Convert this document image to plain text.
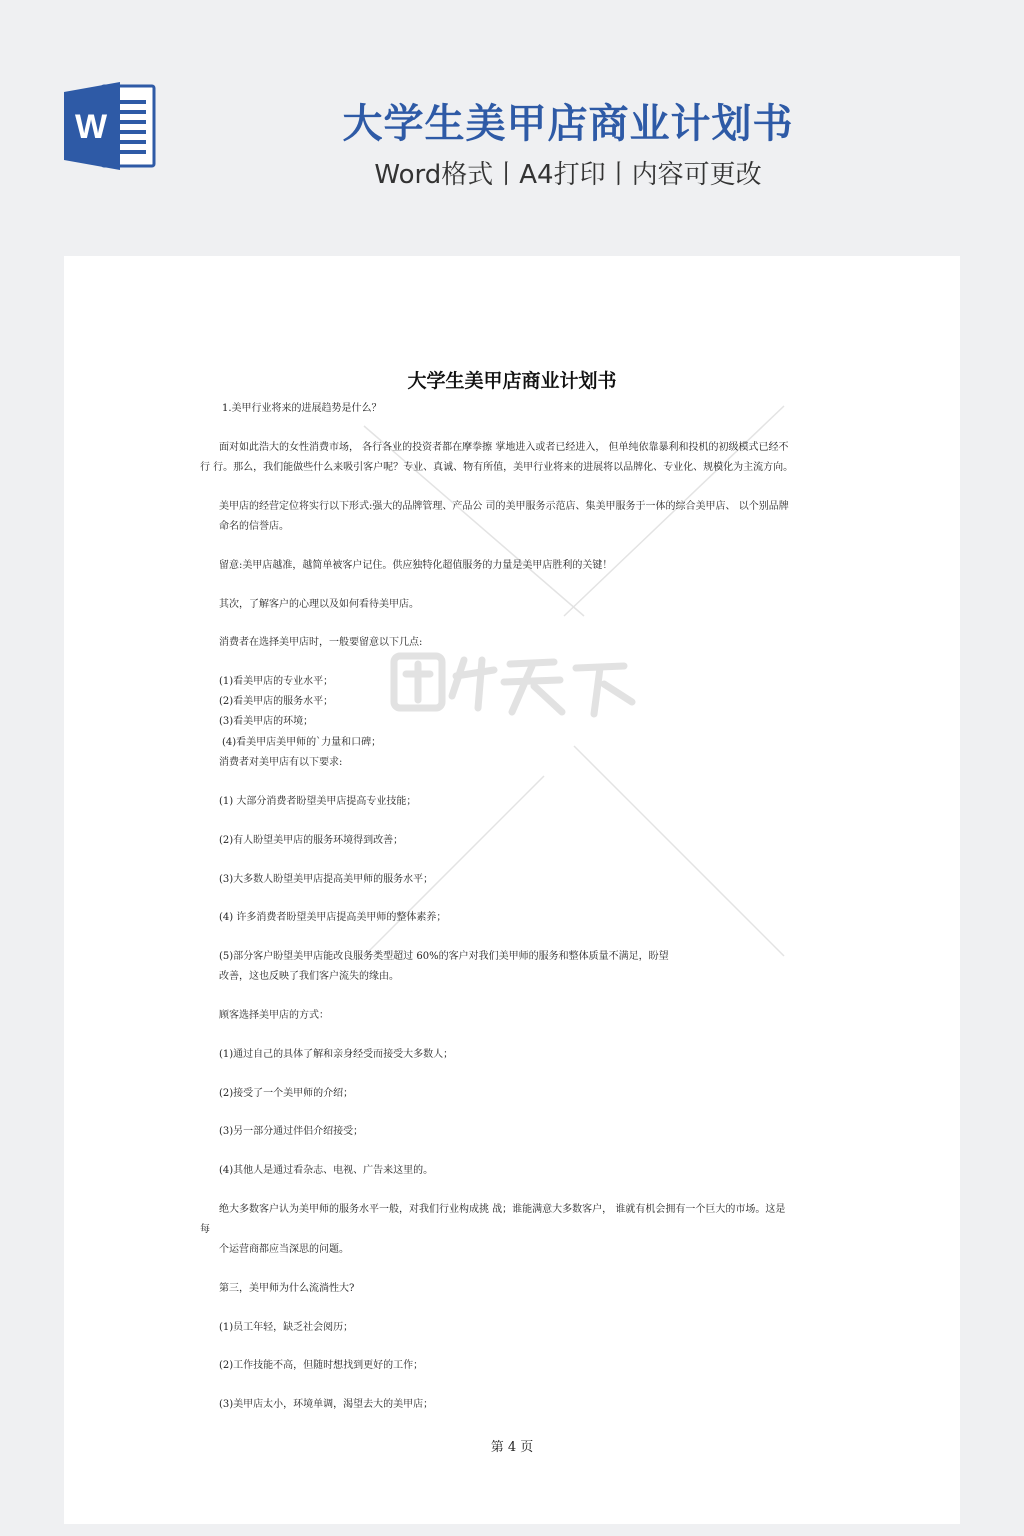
W	大学生美甲店商业计划书
Word格式丨A4打印丨内容可更改
大学生美甲店商业计划书
1.美甲行业将来的进展趋势是什么？
面对如此浩大的女性消费市场， 各行各业的投资者都在摩拳擦 掌地进入或者已经进入， 但单纯依靠暴利和投机的初级模式已经不
行 行。那么，我们能做些什么来吸引客户呢？专业、真诚、物有所值，美甲行业将来的进展将以品牌化、专业化、规模化为主流方向。
美甲店的经营定位将实行以下形式:强大的品牌管理、产品公 司的美甲服务示范店、集美甲服务于一体的综合美甲店、 以个别品牌
命名的信誉店。
留意:美甲店越准，越简单被客户记住。供应独特化超值服务的力量是美甲店胜利的关键！
其次，了解客户的心理以及如何看待美甲店。
消费者在选择美甲店时，一般要留意以下几点:
(1)看美甲店的专业水平；
(2)看美甲店的服务水平；
(3)看美甲店的环境；
(4)看美甲店美甲师的`力量和口碑；
消费者对美甲店有以下要求:
(1) 大部分消费者盼望美甲店提高专业技能；
(2)有人盼望美甲店的服务环境得到改善；
(3)大多数人盼望美甲店提高美甲师的服务水平；
(4) 许多消费者盼望美甲店提高美甲师的整体素养；
(5)部分客户盼望美甲店能改良服务类型超过 60%的客户对我们美甲师的服务和整体质量不满足，盼望
改善，这也反映了我们客户流失的缘由。
顾客选择美甲店的方式：
(1)通过自己的具体了解和亲身经受而接受大多数人；
(2)接受了一个美甲师的介绍；
(3)另一部分通过伴侣介绍接受；
(4)其他人是通过看杂志、电视、广告来这里的。
绝大多数客户认为美甲师的服务水平一般，对我们行业构成挑 战；谁能满意大多数客户， 谁就有机会拥有一个巨大的市场。这是
每
个运营商都应当深思的问题。
第三，美甲师为什么流淌性大?
(1)员工年轻，缺乏社会阅历；
(2)工作技能不高，但随时想找到更好的工作；
(3)美甲店太小，环境单调，渴望去大的美甲店；
第 4 页
